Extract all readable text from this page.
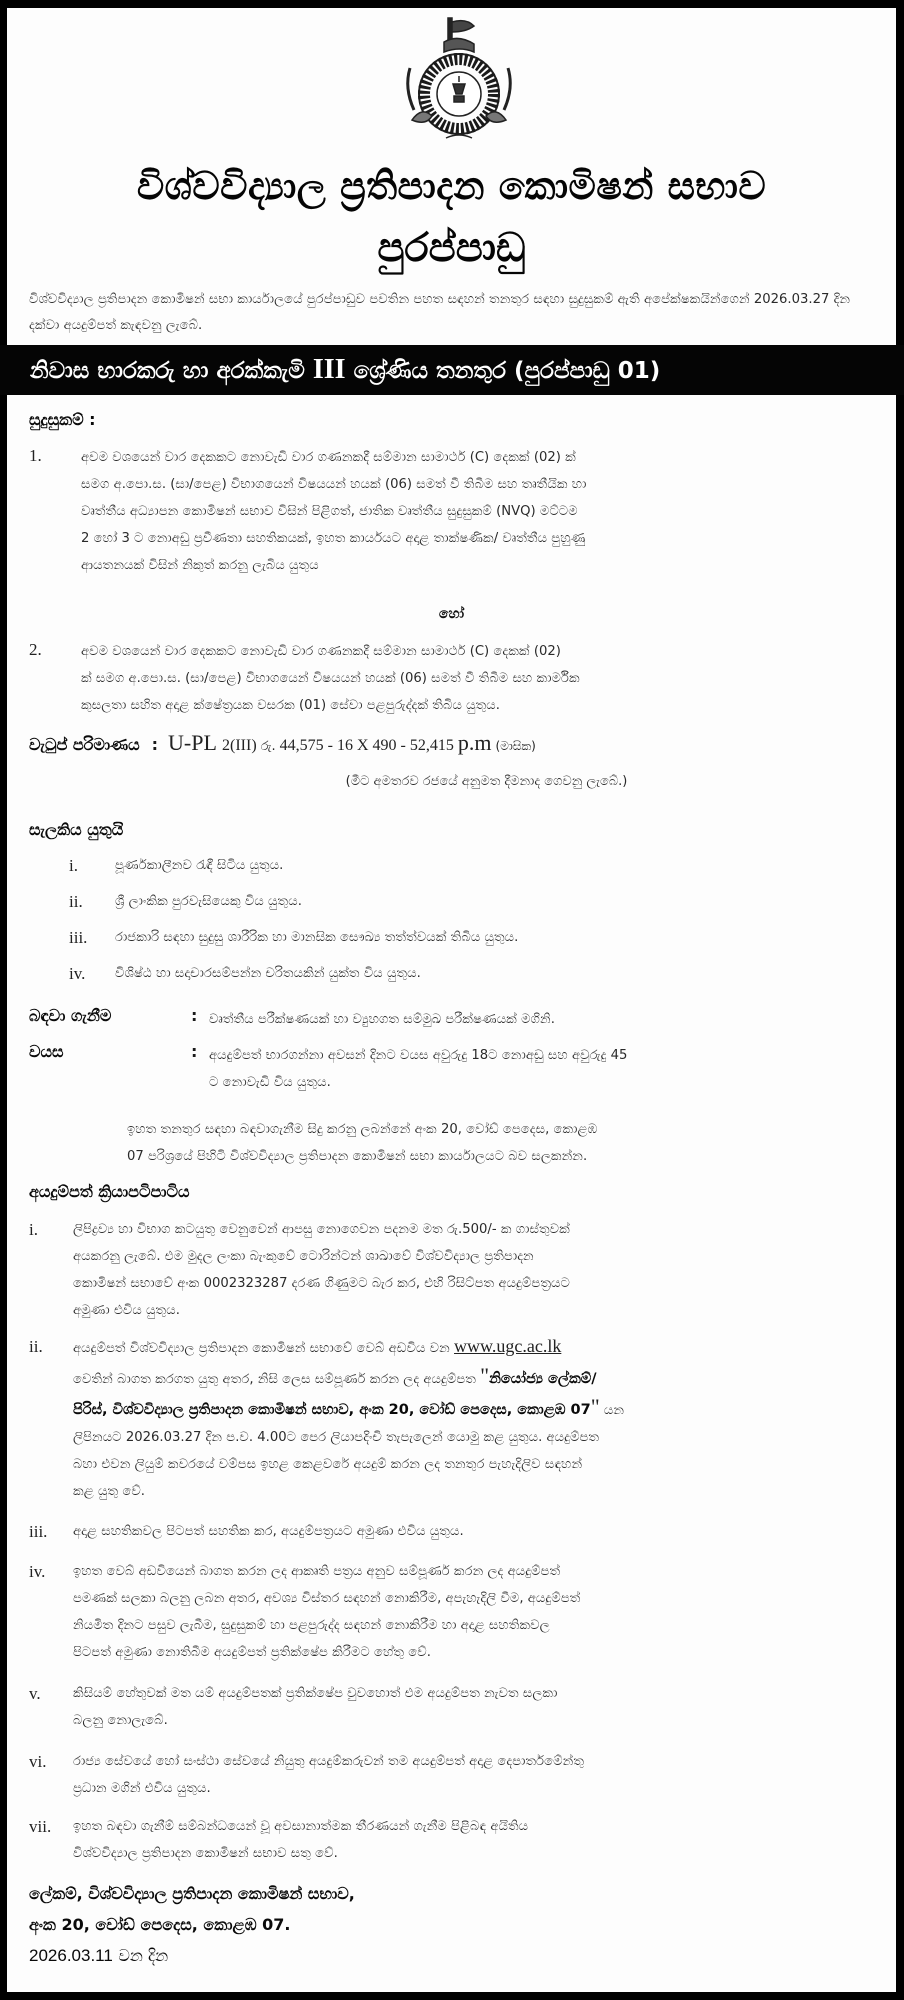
විශ්වවිද්‍යාල ප්‍රතිපාදන කොමිෂන් සභාව
පුරප්පාඩු
විශ්වවිද්‍යාල ප්‍රතිපාදන කොමිෂන් සභා කාර්යාලයේ පුරප්පාඩුව පවතින පහත සඳහන් තනතුර සඳහා සුදුසුකම් ඇති අපේක්ෂකයින්ගෙන් 2026.03.27 දින දක්වා අයදුම්පත් කැඳවනු ලැබේ.
නිවාස භාරකරු හා අරක්කැමි III ශ්‍රේණිය තනතුර (පුරප්පාඩු 01)
සුදුසුකම් :
1.	අවම වශයෙන් වාර දෙකකට නොවැඩි වාර ගණනකදී සම්මාන සාමාර්ථ (C) දෙකක් (02) ක්
සමග අ.පො.ස. (සා/පෙළ) විභාගයෙන් විෂයයන් හයක් (06) සමත් වී තිබීම සහ තෘතීයික හා
වෘත්තීය අධ්‍යාපන කොමිෂන් සභාව විසින් පිළිගත්, ජාතික වෘත්තීය සුදුසුකම් (NVQ) මට්ටම
2 හෝ 3 ට නොඅඩු ප්‍රවීණතා සහතිකයක්, ඉහත කාර්යයට අදාළ තාක්ෂණික/ වෘත්තීය පුහුණු
ආයතනයක් විසින් නිකුත් කරනු ලැබිය යුතුය
හෝ
2.	අවම වශයෙන් වාර දෙකකට නොවැඩි වාර ගණනකදී සම්මාන සාමාර්ථ (C) දෙකක් (02)
ක් සමග අ.පො.ස. (සා/පෙළ) විභාගයෙන් විෂයයන් හයක් (06) සමත් වී තිබීම සහ කාර්මික
කුසලතා සහිත අදාළ ක්ෂේත්‍රයක වසරක (01) සේවා පළපුරුද්දක් තිබිය යුතුය.
වැටුප් පරිමාණය : U-PL 2(III) රු. 44,575 - 16 X 490 - 52,415 p.m (මාසික)
(මීට අමතරව රජයේ අනුමත දීමනාද ගෙවනු ලැබේ.)
සැලකිය යුතුයි
i.	පූර්ණකාලීනව රැඳී සිටිය යුතුය.
ii. ශ්‍රී ලාංකික පුරවැසියෙකු විය යුතුය.
iii. රාජකාරි සඳහා සුදුසු ශාරීරික හා මානසික සෞඛ්‍ය තත්ත්වයක් තිබිය යුතුය.
iv. විශිෂ්ඨ හා සදාචාරසම්පන්න චරිතයකින් යුක්ත විය යුතුය.
බඳවා ගැනීම	: වෘත්තීය පරීක්ෂණයක් හා ව්‍යුහගත සම්මුඛ පරීක්ෂණයක් මගිනි.
වයස	: අයදුම්පත් භාරගන්නා අවසන් දිනට වයස අවුරුදු 18ට නොඅඩු සහ අවුරුදු 45
ට නොවැඩි විය යුතුය.
ඉහත තනතුර සඳහා බඳවාගැනීම සිදු කරනු ලබන්නේ අංක 20, වෝඩ් පෙදෙස, කොළඹ
07 පරිශ්‍රයේ පිහිටි විශ්වවිද්‍යාල ප්‍රතිපාදන කොමිෂන් සභා කාර්යාලයට බව සලකන්න.
අයදුම්පත් ක්‍රියාපටිපාටිය
i.	ලිපිද්‍රව්‍ය හා විභාග කටයුතු වෙනුවෙන් ආපසු නොගෙවන පදනම මත රු.500/- ක ගාස්තුවක්
අයකරනු ලැබේ. එම මුදල ලංකා බැංකුවේ ටොරින්ටන් ශාඛාවේ විශ්වවිද්‍යාල ප්‍රතිපාදන
කොමිෂන් සභාවේ අංක 0002323287 දරණ ගිණුමට බැර කර, එහි රිසිට්පත අයදුම්පත්‍රයට
අමුණා එවිය යුතුය.
ii. අයදුම්පත් විශ්වවිද්‍යාල ප්‍රතිපාදන කොමිෂන් සභාවේ වෙබ් අඩවිය වන www.ugc.ac.lk
වෙතින් බාගත කරගත යුතු අතර, නිසි ලෙස සම්පූර්ණ කරන ලද අයදුම්පත "නියෝජ්‍ය ලේකම්/
පිරිස්, විශ්වවිද්‍යාල ප්‍රතිපාදන කොමිෂන් සභාව, අංක 20, වෝඩ් පෙදෙස, කොළඹ 07" යන
ලිපිනයට 2026.03.27 දින ප.ව. 4.00ට පෙර ලියාපදිංචි තැපැලෙන් යොමු කළ යුතුය. අයදුම්පත
බහා එවන ලියුම් කවරයේ වම්පස ඉහළ කෙළවරේ අයදුම් කරන ලද තනතුර පැහැදිලිව සඳහන්
කළ යුතු වේ.
iii. අදාළ සහතිකවල පිටපත් සහතික කර, අයදුම්පත්‍රයට අමුණා එවිය යුතුය.
iv. ඉහත වෙබ් අඩවියෙන් බාගත කරන ලද ආකෘති පත්‍රය අනුව සම්පූර්ණ කරන ලද අයදුම්පත්
පමණක් සලකා බලනු ලබන අතර, අවශ්‍ය විස්තර සඳහන් නොකිරීම, අපැහැදිලි වීම, අයදුම්පත්
නියමිත දිනට පසුව ලැබීම, සුදුසුකම් හා පළපුරුද්ද සඳහන් නොකිරීම හා අදාළ සහතිකවල
පිටපත් අමුණා නොතිබීම අයදුම්පත් ප්‍රතික්ෂේප කිරීමට හේතු වේ.
v. කිසියම් හේතුවක් මත යම් අයදුම්පතක් ප්‍රතික්ෂේප වුවහොත් එම අයදුම්පත නැවත සලකා
බලනු නොලැබේ.
vi. රාජ්‍ය සේවයේ හෝ සංස්ථා සේවයේ නියුතු අයදුම්කරුවන් තම අයදුම්පත් අදාළ දෙපාර්තමේන්තු
ප්‍රධාන මගින් එවිය යුතුය.
vii. ඉහත බඳවා ගැනීම් සම්බන්ධයෙන් වූ අවසානාත්මක තීරණයන් ගැනීම පිළිබඳ අයිතිය
විශ්වවිද්‍යාල ප්‍රතිපාදන කොමිෂන් සභාව සතු වේ.
ලේකම්, විශ්වවිද්‍යාල ප්‍රතිපාදන කොමිෂන් සභාව,
අංක 20, වෝඩ් පෙදෙස, කොළඹ 07.
2026.03.11 වන දින
